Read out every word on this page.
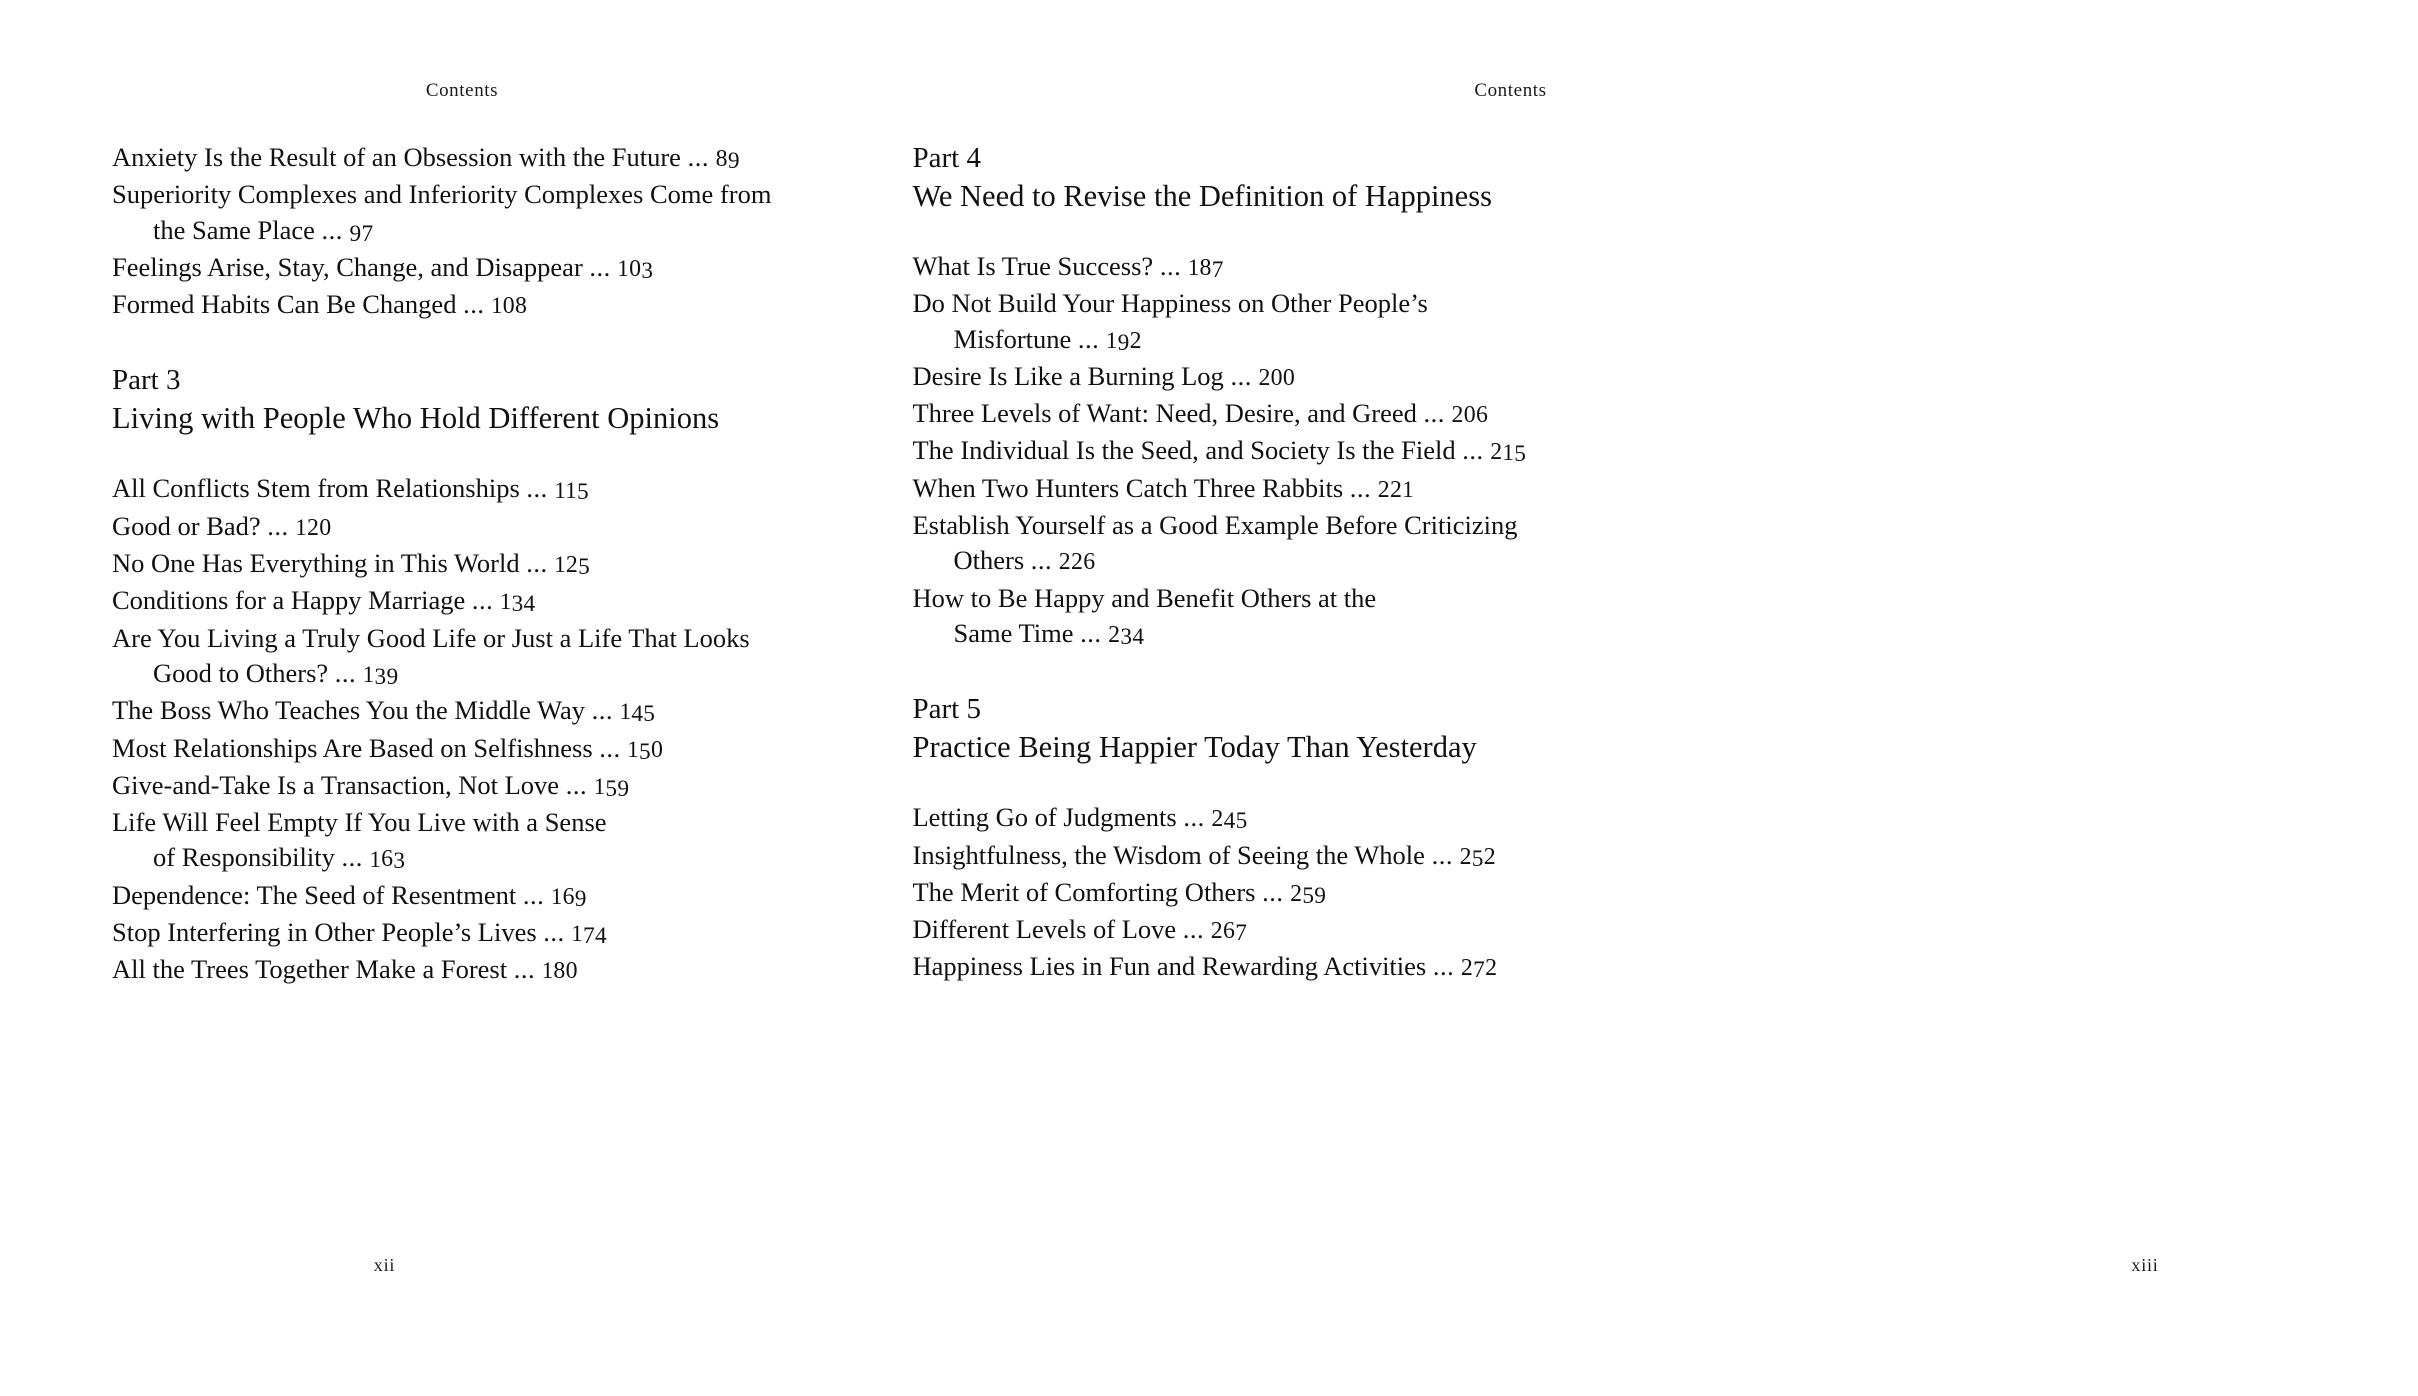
Contents
Anxiety Is the Result of an Obsession with the Future ... 89
Superiority Complexes and Inferiority Complexes Come from
the Same Place ... 97
Feelings Arise, Stay, Change, and Disappear ... 103
Formed Habits Can Be Changed ... 108
Part 3
Living with People Who Hold Different Opinions
All Conflicts Stem from Relationships ... 115
Good or Bad? ... 120
No One Has Everything in This World ... 125
Conditions for a Happy Marriage ... 134
Are You Living a Truly Good Life or Just a Life That Looks
Good to Others? ... 139
The Boss Who Teaches You the Middle Way ... 145
Most Relationships Are Based on Selfishness ... 150
Give-and-Take Is a Transaction, Not Love ... 159
Life Will Feel Empty If You Live with a Sense
of Responsibility ... 163
Dependence: The Seed of Resentment ... 169
Stop Interfering in Other People’s Lives ... 174
All the Trees Together Make a Forest ... 180
xii
Contents
Part 4
We Need to Revise the Definition of Happiness
What Is True Success? ... 187
Do Not Build Your Happiness on Other People’s
Misfortune ... 192
Desire Is Like a Burning Log ... 200
Three Levels of Want: Need, Desire, and Greed ... 206
The Individual Is the Seed, and Society Is the Field ... 215
When Two Hunters Catch Three Rabbits ... 221
Establish Yourself as a Good Example Before Criticizing
Others ... 226
How to Be Happy and Benefit Others at the
Same Time ... 234
Part 5
Practice Being Happier Today Than Yesterday
Letting Go of Judgments ... 245
Insightfulness, the Wisdom of Seeing the Whole ... 252
The Merit of Comforting Others ... 259
Different Levels of Love ... 267
Happiness Lies in Fun and Rewarding Activities ... 272
xiii
